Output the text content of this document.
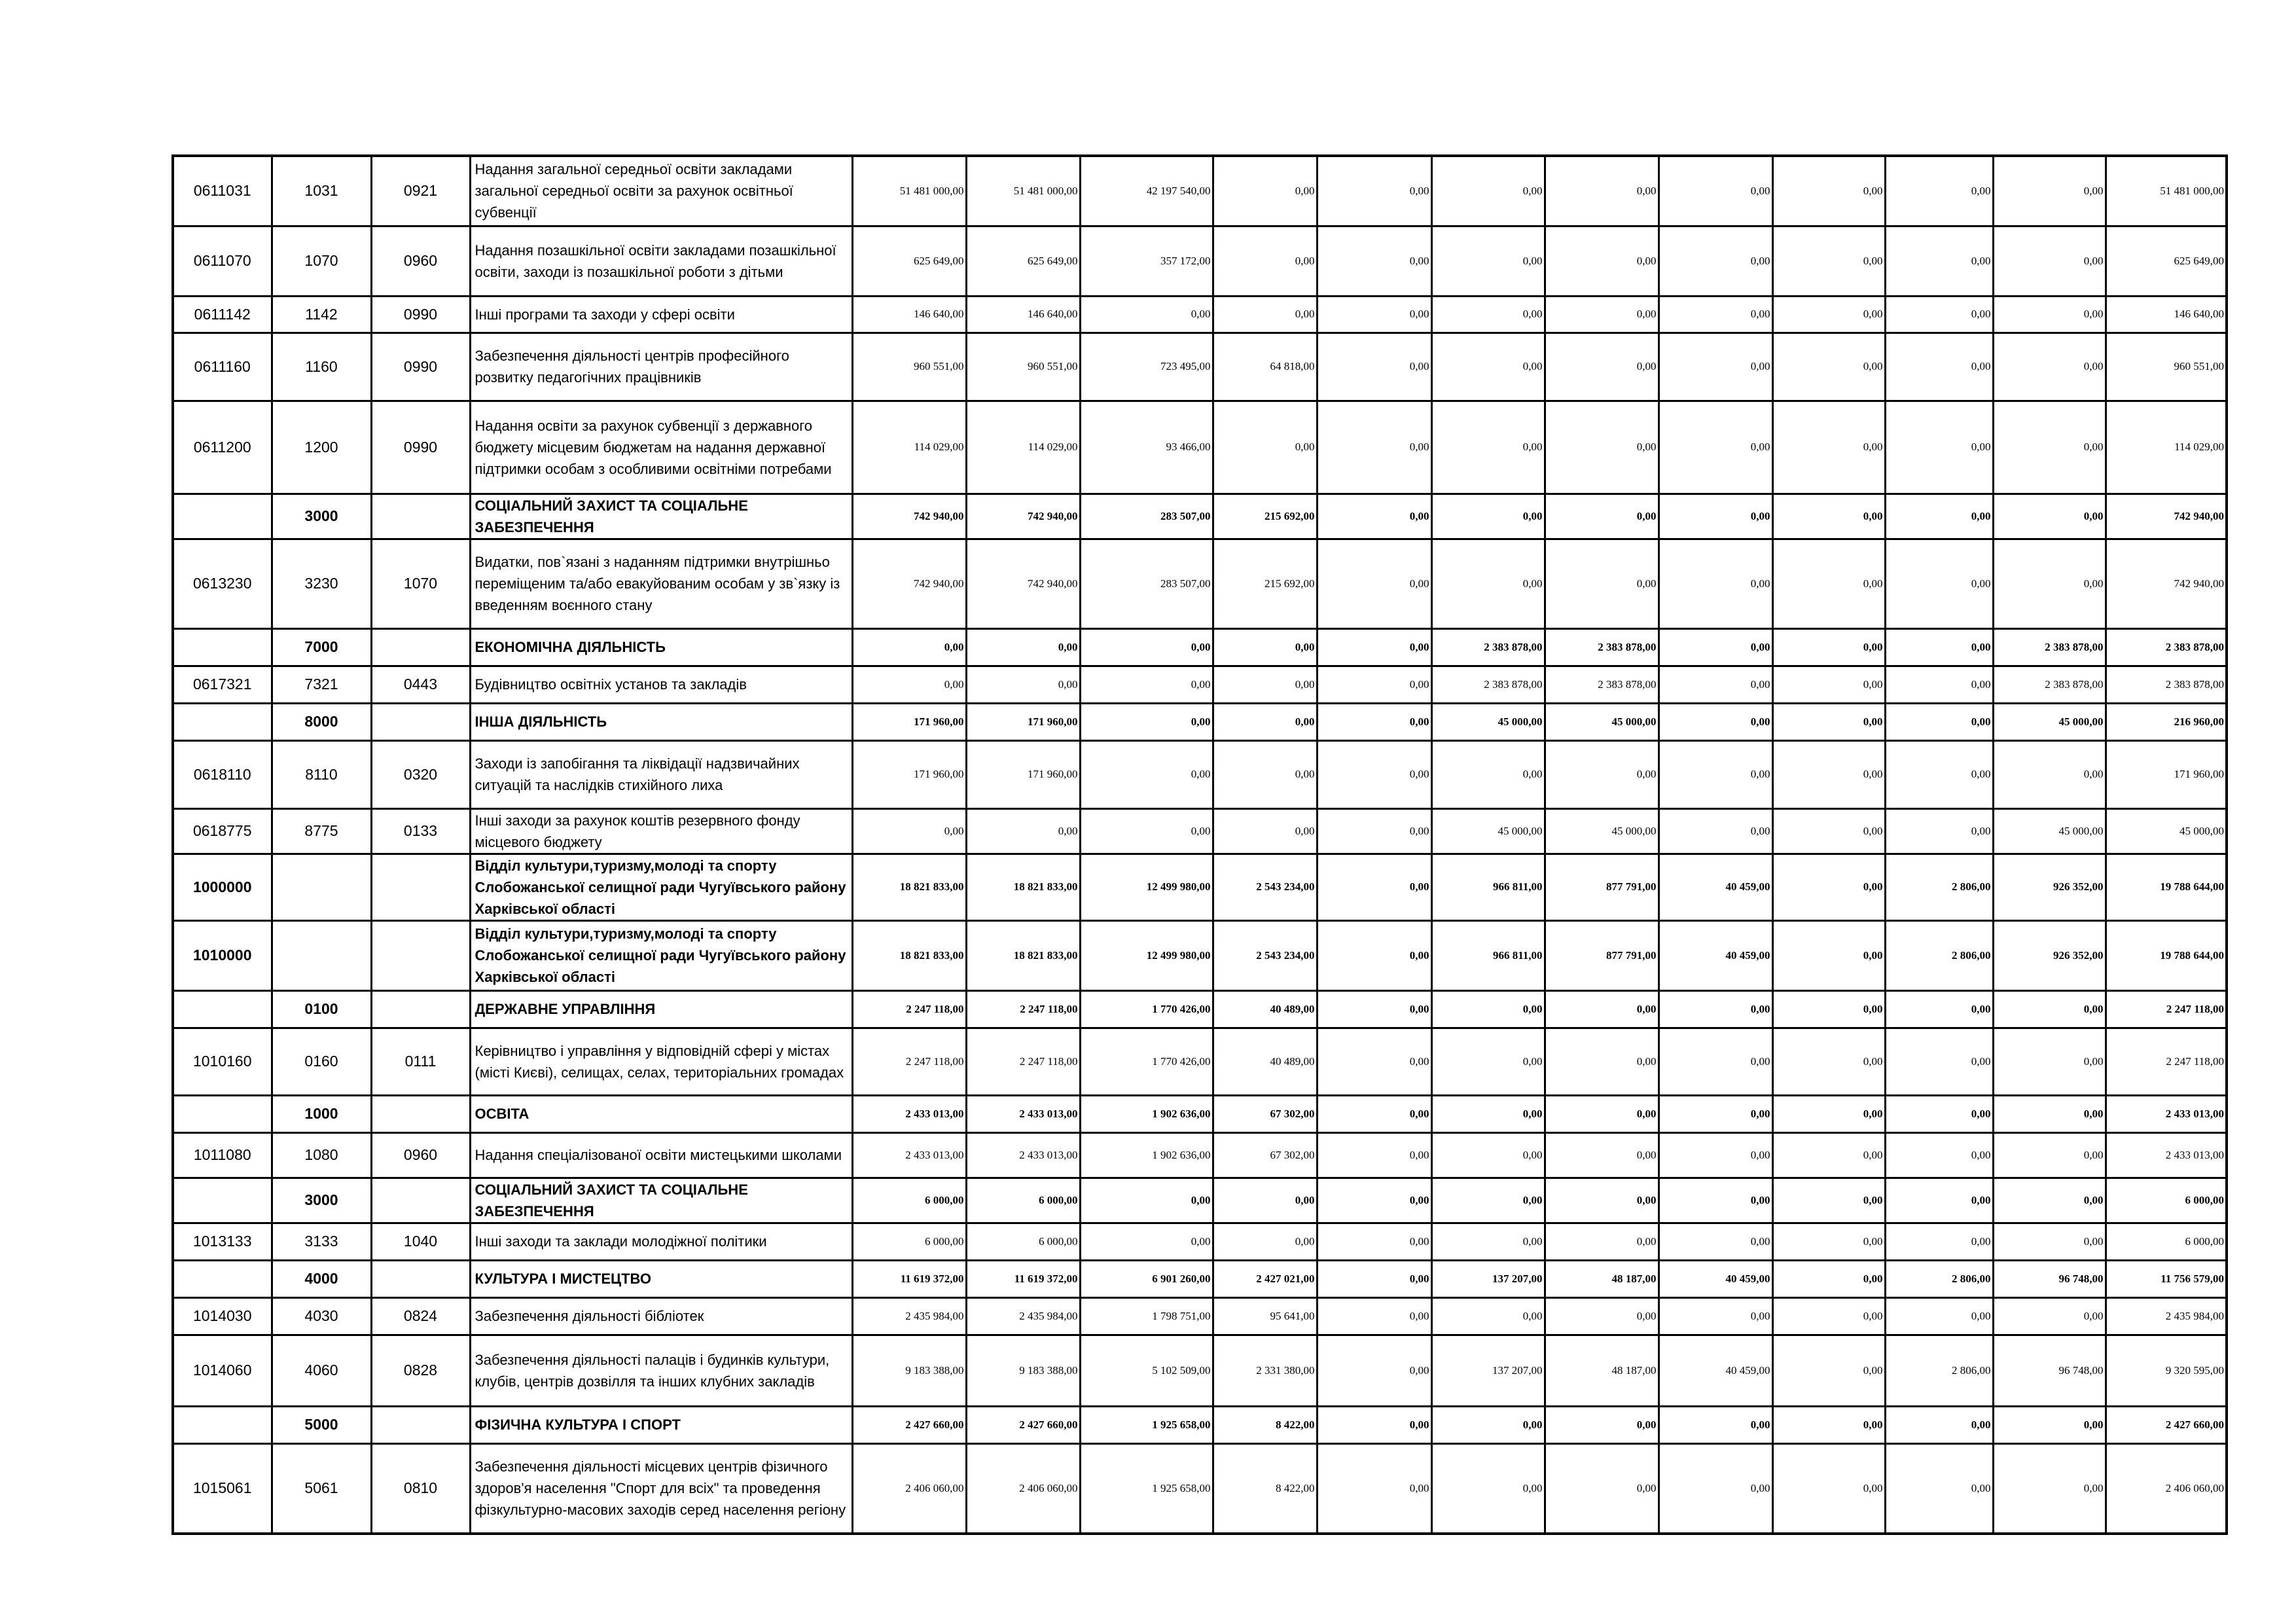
0611031	1031	0921	Надання загальної середньої освіти закладами загальної середньої освіти за рахунок освітньої субвенції	51 481 000,00	51 481 000,00	42 197 540,00	0,00	0,00	0,00	0,00	0,00	0,00	0,00	0,00	51 481 000,00
0611070	1070	0960	Надання позашкільної освіти закладами позашкільної освіти, заходи із позашкільної роботи з дітьми	625 649,00	625 649,00	357 172,00	0,00	0,00	0,00	0,00	0,00	0,00	0,00	0,00	625 649,00
0611142	1142	0990	Інші програми та заходи у сфері освіти	146 640,00	146 640,00	0,00	0,00	0,00	0,00	0,00	0,00	0,00	0,00	0,00	146 640,00
0611160	1160	0990	Забезпечення діяльності центрів професійного розвитку педагогічних працівників	960 551,00	960 551,00	723 495,00	64 818,00	0,00	0,00	0,00	0,00	0,00	0,00	0,00	960 551,00
0611200	1200	0990	Надання освіти за рахунок субвенції з державного бюджету місцевим бюджетам на надання державної підтримки особам з особливими освітніми потребами	114 029,00	114 029,00	93 466,00	0,00	0,00	0,00	0,00	0,00	0,00	0,00	0,00	114 029,00
	3000		СОЦІАЛЬНИЙ ЗАХИСТ ТА СОЦІАЛЬНЕ ЗАБЕЗПЕЧЕННЯ	742 940,00	742 940,00	283 507,00	215 692,00	0,00	0,00	0,00	0,00	0,00	0,00	0,00	742 940,00
0613230	3230	1070	Видатки, пов`язані з наданням підтримки внутрішньо переміщеним та/або евакуйованим особам у зв`язку із введенням воєнного стану	742 940,00	742 940,00	283 507,00	215 692,00	0,00	0,00	0,00	0,00	0,00	0,00	0,00	742 940,00
	7000		ЕКОНОМІЧНА ДІЯЛЬНІСТЬ	0,00	0,00	0,00	0,00	0,00	2 383 878,00	2 383 878,00	0,00	0,00	0,00	2 383 878,00	2 383 878,00
0617321	7321	0443	Будівництво освітніх установ та закладів	0,00	0,00	0,00	0,00	0,00	2 383 878,00	2 383 878,00	0,00	0,00	0,00	2 383 878,00	2 383 878,00
	8000		ІНША ДІЯЛЬНІСТЬ	171 960,00	171 960,00	0,00	0,00	0,00	45 000,00	45 000,00	0,00	0,00	0,00	45 000,00	216 960,00
0618110	8110	0320	Заходи із запобігання та ліквідації надзвичайних ситуацій та наслідків стихійного лиха	171 960,00	171 960,00	0,00	0,00	0,00	0,00	0,00	0,00	0,00	0,00	0,00	171 960,00
0618775	8775	0133	Інші заходи за рахунок коштів резервного фонду місцевого бюджету	0,00	0,00	0,00	0,00	0,00	45 000,00	45 000,00	0,00	0,00	0,00	45 000,00	45 000,00
1000000			Відділ культури,туризму,молоді та спорту Слобожанської селищної ради Чугуївського району Харківської області	18 821 833,00	18 821 833,00	12 499 980,00	2 543 234,00	0,00	966 811,00	877 791,00	40 459,00	0,00	2 806,00	926 352,00	19 788 644,00
1010000			Відділ культури,туризму,молоді та спорту Слобожанської селищної ради Чугуївського району Харківської області	18 821 833,00	18 821 833,00	12 499 980,00	2 543 234,00	0,00	966 811,00	877 791,00	40 459,00	0,00	2 806,00	926 352,00	19 788 644,00
	0100		ДЕРЖАВНЕ УПРАВЛІННЯ	2 247 118,00	2 247 118,00	1 770 426,00	40 489,00	0,00	0,00	0,00	0,00	0,00	0,00	0,00	2 247 118,00
1010160	0160	0111	Керівництво і управління у відповідній сфері у містах (місті Києві), селищах, селах, територіальних громадах	2 247 118,00	2 247 118,00	1 770 426,00	40 489,00	0,00	0,00	0,00	0,00	0,00	0,00	0,00	2 247 118,00
	1000		ОСВІТА	2 433 013,00	2 433 013,00	1 902 636,00	67 302,00	0,00	0,00	0,00	0,00	0,00	0,00	0,00	2 433 013,00
1011080	1080	0960	Надання спеціалізованої освіти мистецькими школами	2 433 013,00	2 433 013,00	1 902 636,00	67 302,00	0,00	0,00	0,00	0,00	0,00	0,00	0,00	2 433 013,00
	3000		СОЦІАЛЬНИЙ ЗАХИСТ ТА СОЦІАЛЬНЕ ЗАБЕЗПЕЧЕННЯ	6 000,00	6 000,00	0,00	0,00	0,00	0,00	0,00	0,00	0,00	0,00	0,00	6 000,00
1013133	3133	1040	Інші заходи та заклади молодіжної політики	6 000,00	6 000,00	0,00	0,00	0,00	0,00	0,00	0,00	0,00	0,00	0,00	6 000,00
	4000		КУЛЬТУРА І МИСТЕЦТВО	11 619 372,00	11 619 372,00	6 901 260,00	2 427 021,00	0,00	137 207,00	48 187,00	40 459,00	0,00	2 806,00	96 748,00	11 756 579,00
1014030	4030	0824	Забезпечення діяльності бібліотек	2 435 984,00	2 435 984,00	1 798 751,00	95 641,00	0,00	0,00	0,00	0,00	0,00	0,00	0,00	2 435 984,00
1014060	4060	0828	Забезпечення діяльності палаців i будинків культури, клубів, центрів дозвілля та iнших клубних закладів	9 183 388,00	9 183 388,00	5 102 509,00	2 331 380,00	0,00	137 207,00	48 187,00	40 459,00	0,00	2 806,00	96 748,00	9 320 595,00
	5000		ФІЗИЧНА КУЛЬТУРА І СПОРТ	2 427 660,00	2 427 660,00	1 925 658,00	8 422,00	0,00	0,00	0,00	0,00	0,00	0,00	0,00	2 427 660,00
1015061	5061	0810	Забезпечення діяльності місцевих центрів фізичного здоров'я населення "Спорт для всіх" та проведення фізкультурно-масових заходів серед населення регіону	2 406 060,00	2 406 060,00	1 925 658,00	8 422,00	0,00	0,00	0,00	0,00	0,00	0,00	0,00	2 406 060,00
